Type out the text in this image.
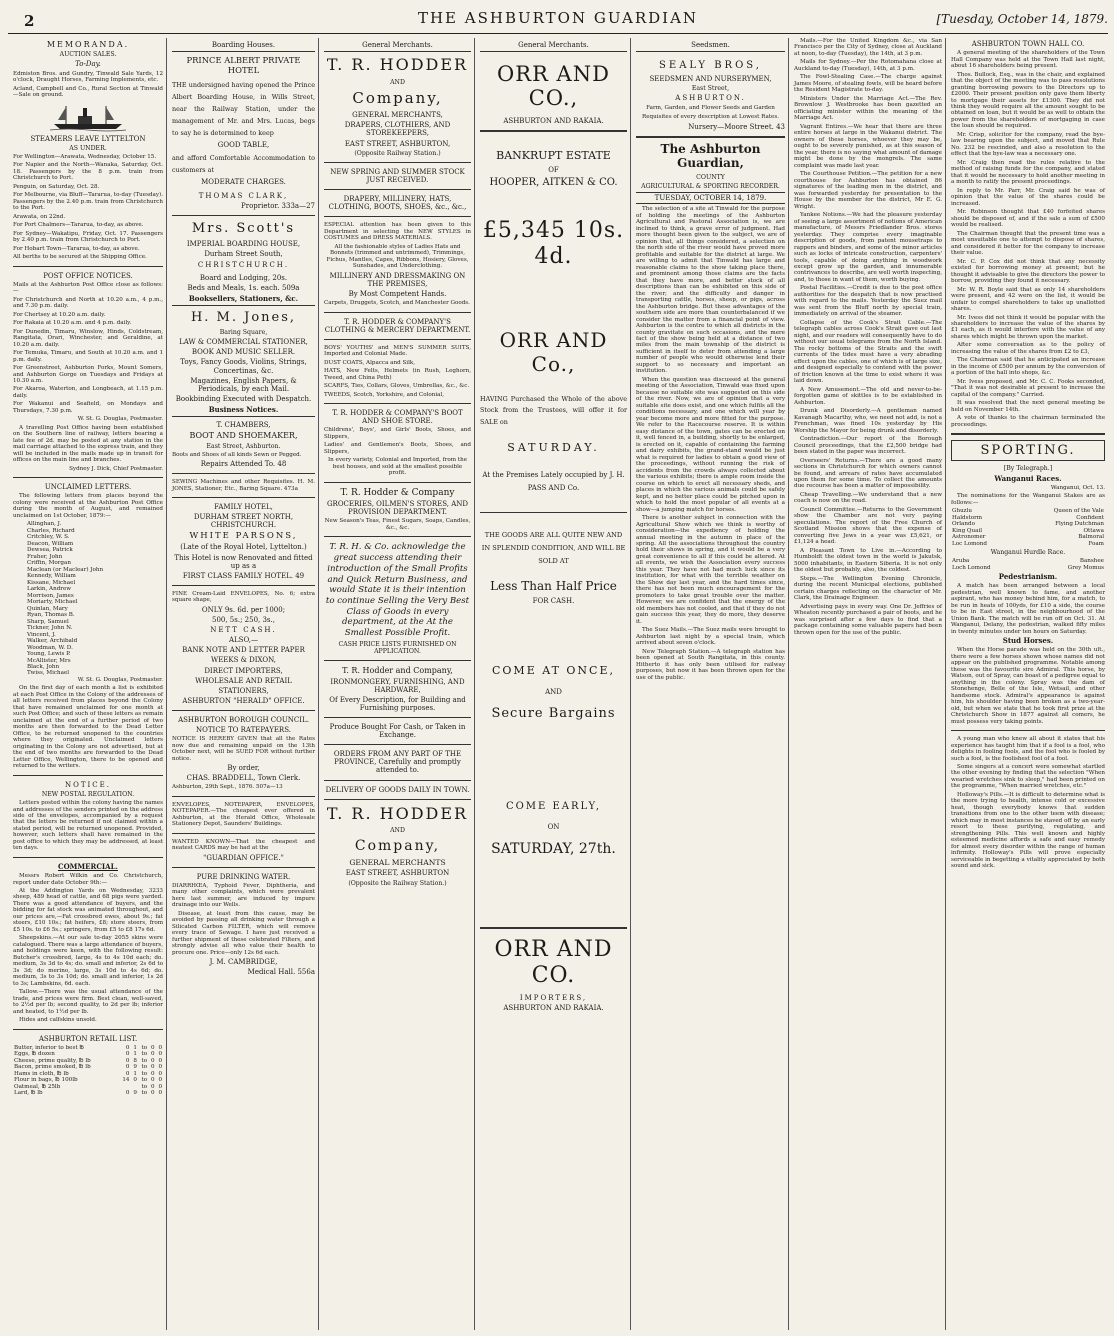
2	THE ASHBURTON GUARDIAN	[Tuesday, October 14, 1879.
MEMORANDA.
AUCTION SALES.
To-Day.
Edmiston Bros. and Gundry, Tinwald Sale Yards, 12 o'clock, Draught Horses, Farming Implements, etc.
Acland, Campbell and Co., Rural Section at Tinwald—Sale on ground.
STEAMERS LEAVE LYTTELTON
AS UNDER.
For Wellington—Arawata, Wednesday, October 15.
For Napier and the North—Wanaka, Saturday, Oct. 18. Passengers by the 8 p.m. train from Christchurch to Port.
Penguin, on Saturday, Oct. 28.
For Melbourne, via Bluff—Tararua, to-day (Tuesday). Passengers by the 2.40 p.m. train from Christchurch to the Port.
Arawata, on 22nd.
For Port Chalmers—Tararua, to-day, as above.
For Sydney—Wakatipu, Friday, Oct. 17. Passengers by 2.40 p.m. train from Christchurch to Port.
For Hobart Town—Tararua, to-day, as above.
All berths to be secured at the Shipping Office.
POST OFFICE NOTICES.
Mails at the Ashburton Post Office close as follows:—
For Christchurch and North at 10.20 a.m., 4 p.m., and 7.30 p.m. daily.
For Chertsey at 10.20 a.m. daily.
For Rakaia at 10.20 a.m. and 4 p.m. daily.
For Dunedin, Timaru, Winslow, Hinds, Coldstream, Rangitata, Orari, Winchester, and Geraldine, at 10.20 a.m. daily.
For Temuka, Timaru, and South at 10.20 a.m. and 1 p.m. daily.
For Greenstreet, Ashburton Forks, Mount Somers, and Ashburton Gorge on Tuesdays and Fridays at 10.30 a.m.
For Akaroa, Waterton, and Longbeach, at 1.15 p.m. daily.
For Wakanui and Seafield, on Mondays and Thursdays, 7.30 p.m.
W. St. G. Douglas, Postmaster.
A travelling Post Office having been established on the Southern line of railway, letters bearing a late fee of 2d. may be posted at any station in the mail carriage attached to the express train, and they will be included in the mails made up in transit for offices on the main line and branches.
Sydney J. Dick, Chief Postmaster.
UNCLAIMED LETTERS.
The following letters from places beyond the colony were received at the Ashburton Post Office during the month of August, and remained unclaimed on 1st October, 1879:—
Allinghan, J.
Charles, Richard
Critchley, W. S.
Deacon, William
Dewsea, Patrick
Fraher, John
Criffin, Morgan
Maclean (or Maclear) John
Kennedy, William
Kissane, Michael
Larkin, Andrew
Morrison, James
Moriarty, Michael
Quinlan, Mary
Ryan, Thomas B.
Sharp, Samuel
Tickner, John N.
Vincent, J.
Walker, Archibald
Woodman, W. D.
Young, Lewis P.
McAllister, Mrs
Black, John
Twiss, Michael
W. St. G. Douglas, Postmaster.
On the first day of each month a list is exhibited at each Post Office in the Colony of the addresses of all letters received from places beyond the Colony that have remained unclaimed for one month at such Post Office; and such of these letters as remain unclaimed at the end of a further period of two months are then forwarded to the Dead Letter Office, to be returned unopened to the countries where they originated. Unclaimed letters originating in the Colony are not advertised, but at the end of two months are forwarded to the Dead Letter Office, Wellington, there to be opened and returned to the writers.
NOTICE.
NEW POSTAL REGULATION.
Letters posted within the colony having the names and addresses of the senders printed on the address side of the envelopes, accompanied by a request that the letters be returned if not claimed within a stated period, will be returned unopened. Provided, however, such letters shall have remained in the post office to which they may be addressed, at least ten days.
COMMERCIAL.
Messrs Robert Wilkin and Co. Christchurch, report under date October 9th:—
At the Addington Yards on Wednesday, 3233 sheep, 489 head of cattle, and 68 pigs were yarded. There was a good attendance of buyers, and the bidding for fat stock was animated throughout, and our prices are,—Fat crossbred ewes, about 9s.; fat steers, £10 10s.; fat heifers, £8; store steers, from £5 10s. to £6 5s.; springers, from £5 to £8 17s 6d.
Sheepskins.—At our sale to-day 2055 skins were catalogued. There was a large attendance of buyers, and holdings were keen, with the following result: Butcher's crossbred, large, 4s to 4s 10d each; do. medium, 3s 3d to 4s; do. small and inferior, 2s 6d to 3s 3d; do merino, large, 3s 10d to 4s 6d; do. medium, 3s to 3s 10d; do. small and inferior, 1s 2d to 3s; Lambskins, 6d. each.
Tallow.—There was the usual attendance of the trade, and prices were firm. Best clean, well-saved, to 2½d per lb; second quality, to 2d per lb; inferior and heated, to 1½d per lb.
Hides and calfskins unsold.
ASHBURTON RETAIL LIST.
Butter, inferior to best ℔	0	1	to	0	0
Eggs, ℔ dozen	0	1	to	0	0
Cheese, prime quality, ℔ lb	0	8	to	0	0
Bacon, prime smoked, ℔ lb	0	9	to	0	0
Hams in cloth, ℔ lb	0	1	to	0	0
Flour in bags, ℔ 100lb	14	0	to	0	0
Oatmeal, ℔ 25lb			to	0	0
Lard, ℔ lb	0	9	to	0	0
Boarding Houses.
PRINCE ALBERT PRIVATE HOTEL
THE undersigned having opened the Prince Albert Boarding House, in Wills Street, near the Railway Station, under the management of Mr. and Mrs. Lucas, begs to say he is determined to keep
GOOD TABLE,
and afford Comfortable Accommodation to customers at
MODERATE CHARGES.
THOMAS CLARK,
Proprietor. 333a—27
Mrs. Scott's
IMPERIAL BOARDING HOUSE,
Durham Street South,
CHRISTCHURCH.
Board and Lodging, 20s.
Beds and Meals, 1s. each. 509a
Booksellers, Stationers, &c.
H. M. Jones,
Baring Square,
LAW & COMMERCIAL STATIONER,
BOOK AND MUSIC SELLER.
Toys, Fancy Goods, Violins, Strings, Concertinas, &c.
Magazines, English Papers, & Periodicals, by each Mail.
Bookbinding Executed with Despatch.
Business Notices.
T. CHAMBERS,
BOOT AND SHOEMAKER,
East Street, Ashburton.
Boots and Shoes of all kinds Sewn or Pegged.
Repairs Attended To. 48
SEWING Machines and other Requisites. H. M. JONES, Stationer, Etc., Baring Square. 473a
FAMILY HOTEL,
DURHAM STREET NORTH, CHRISTCHURCH.
WHITE PARSONS,
(Late of the Royal Hotel, Lyttelton.)
This Hotel is now Renovated and fitted up as a
FIRST CLASS FAMILY HOTEL. 49
FINE Cream-Laid ENVELOPES, No. 6; extra square shape,
ONLY 9s. 6d. per 1000;
500, 5s.; 250, 3s.,
NETT CASH.
ALSO,—
BANK NOTE AND LETTER PAPER
WEEKS & DIXON,
DIRECT IMPORTERS,
WHOLESALE AND RETAIL
STATIONERS,
ASHBURTON "HERALD" OFFICE.
ASHBURTON BOROUGH COUNCIL.
NOTICE TO RATEPAYERS.
NOTICE IS HEREBY GIVEN that all the Rates now due and remaining unpaid on the 13th October next, will be SUED FOR without further notice.
By order,
CHAS. BRADDELL, Town Clerk.
Ashburton, 29th Sept., 1876. 507a—13
ENVELOPES, NOTEPAPER, ENVELOPES, NOTEPAPER.—The cheapest ever offered in Ashburton, at the Herald Office, Wholesale Stationery Depot, Saunders' Buildings.
WANTED KNOWN—That the cheapest and neatest CARDS may be had at the
"GUARDIAN OFFICE."
PURE DRINKING WATER.
DIARRHŒA, Typhoid Fever, Diphtheria, and many other complaints, which were prevalent here last summer, are induced by impure drainage into our Wells.
Disease, at least from this cause, may be avoided by passing all drinking water through a Silicated Carbon FILTER, which will remove every trace of Sewage. I have just received a further shipment of these celebrated Filters, and strongly advise all who value their health to procure one. Price—only 12s 6d each.
J. M. CAMBRIDGE,
Medical Hall. 556a
General Merchants.
T. R. HODDER
AND
Company,
GENERAL MERCHANTS,
DRAPERS, CLOTHIERS, AND STOREKEEPERS,
EAST STREET, ASHBURTON,
(Opposite Railway Station.)
NEW SPRING AND SUMMER STOCK JUST RECEIVED.
DRAPERY, MILLINERY, HATS, CLOTHING, BOOTS, SHOES, &c., &c.,
ESPECIAL attention has been given to this Department in selecting the NEW STYLES in COSTUMES and DRESS MATERIALS.
All the fashionable styles of Ladies Hats and Bonnets (trimmed and untrimmed), Trimmings, Fichus, Mantles, Capes, Ribbons, Hosiery, Gloves, Sunshades, and Underclothing.
MILLINERY AND DRESSMAKING ON THE PREMISES,
By Most Competent Hands.
Carpets, Druggets, Scotch, and Manchester Goods.
T. R. HODDER & COMPANY'S CLOTHING & MERCERY DEPARTMENT.
BOYS' YOUTHS' and MEN'S SUMMER SUITS, Imported and Colonial Made.
DUST COATS, Alpacca and Silk,
HATS, New Felts, Helmets (in Rush, Leghorn, Tweed, and China Peth)
SCARFS, Ties, Collars, Gloves, Umbrellas, &c., &c.
TWEEDS, Scotch, Yorkshire, and Colonial,
T. R. HODDER & COMPANY'S BOOT AND SHOE STORE.
Childrens', Boys', and Girls' Boots, Shoes, and Slippers,
Ladies' and Gentlemen's Boots, Shoes, and Slippers,
In every variety, Colonial and Imported, from the best houses, and sold at the smallest possible profit.
T. R. Hodder & Company
GROCERIES, OILMEN'S STORES, AND PROVISION DEPARTMENT.
New Season's Teas, Finest Sugars, Soaps, Candles, &c., &c.
T. R. H. & Co. acknowledge the great success attending their introduction of the Small Profits and Quick Return Business, and would State it is their intention to continue Selling the Very Best Class of Goods in every department, at the At the Smallest Possible Profit.
CASH PRICE LISTS FURNISHED ON APPLICATION.
T. R. Hodder and Company,
IRONMONGERY, FURNISHING, AND HARDWARE,
Of Every Description, for Building and Furnishing purposes.
Produce Bought For Cash, or Taken in Exchange.
ORDERS FROM ANY PART OF THE PROVINCE, Carefully and promptly attended to.
DELIVERY OF GOODS DAILY IN TOWN.
T. R. HODDER
AND
Company,
GENERAL MERCHANTS
EAST STREET, ASHBURTON
(Opposite the Railway Station.)
General Merchants.
ORR AND CO.,
ASHBURTON AND RAKAIA.
BANKRUPT ESTATE
OF
HOOPER, AITKEN & CO.
£5,345 10s. 4d.
ORR AND Co.,
HAVING Purchased the Whole of the above Stock from the Trustees, will offer it for SALE on
SATURDAY.
At the Premises Lately occupied by J. H. PASS AND Co.
THE GOODS ARE ALL QUITE NEW AND IN SPLENDID CONDITION, AND WILL BE SOLD AT
Less Than Half Price
FOR CASH.
COME AT ONCE,
AND
Secure Bargains
COME EARLY,
ON
SATURDAY, 27th.
ORR AND CO.
IMPORTERS,
ASHBURTON AND RAKAIA.
Seedsmen.
SEALY BROS,
SEEDSMEN AND NURSERYMEN,
East Street,
ASHBURTON.
Farm, Garden, and Flower Seeds and Garden Requisites of every description at Lowest Rates.
Nursery—Moore Street. 43
The Ashburton Guardian,
COUNTY
AGRICULTURAL & SPORTING RECORDER.
TUESDAY, OCTOBER 14, 1879.
The selection of a site at Tinwald for the purpose of holding the meetings of the Ashburton Agricultural and Pastoral Association is, we are inclined to think, a grave error of judgment. Had more thought been given to the subject, we are of opinion that, all things considered, a selection on the north side of the river would have proved more profitable and suitable for the district at large. We are willing to admit that Tinwald has large and reasonable claims to the show taking place there, and prominent among those claims are the facts that they have more, and better stock of all descriptions than can be exhibited on this side of the river; and the difficulty and danger in transporting cattle, horses, sheep, or pigs, across the Ashburton bridge. But these advantages of the southern side are more than counterbalanced if we consider the matter from a financial point of view. Ashburton is the centre to which all districts in the county gravitate on such occasions, and the mere fact of the show being held at a distance of two miles from the main township of the district is sufficient in itself to deter from attending a large number of people who would otherwise lend their support to so necessary and important an institution.
When the question was discussed at the general meeting of the Association, Tinwald was fixed upon because no suitable site was suggested on this side of the river. Now, we are of opinion that a very suitable site does exist, and one which fulfils all the conditions necessary, and one which will year by year become more and more fitted for the purpose. We refer to the Racecourse reserve. It is within easy distance of the town, gates can be erected on it, well fenced in, a building, shortly to be enlarged, is erected on it, capable of containing the farming and dairy exhibits, the grand-stand would be just what is required for ladies to obtain a good view of the proceedings, without running the risk of accidents from the crowds always collected about the various exhibits; there is ample room inside the course on which to erect all necessary sheds, and places in which the various animals could be safely kept, and no better place could be pitched upon in which to hold the most popular of all events at a show—a jumping match for horses.
There is another subject in connection with the Agricultural Show which we think is worthy of consideration—the expediency of holding the annual meeting in the autumn in place of the spring. All the associations throughout the country hold their shows in spring, and it would be a very great convenience to all if this could be altered. At all events, we wish the Association every success this year. They have not had much luck since its institution, for what with the terrible weather on the Show day last year, and the hard times since, there has not been much encouragement for the promoters to take great trouble over the matter. However, we are confident that the energy of the old members has not cooled, and that if they do not gain success this year, they do more, they deserve it.
The Suez Mails.—The Suez mails were brought to Ashburton last night by a special train, which arrived about seven o'clock.
New Telegraph Station.—A telegraph station has been opened at South Rangitata, in this county. Hitherto it has only been utilised for railway purposes, but now it has been thrown open for the use of the public.
Mails.—For the United Kingdom &c., via San Francisco per the City of Sydney, close at Auckland at noon, to-day (Tuesday), the 14th, at 3 p.m.
Mails for Sydney.—Per the Rotomahana close at Auckland to-day (Tuesday), 14th, at 3 p.m.
The Fowl-Stealing Case.—The charge against James Moore, of stealing fowls, will be heard before the Resident Magistrate to-day.
Ministers Under the Marriage Act.—The Rev. Brownlow J. Westbrooke has been gazetted an officiating minister within the meaning of the Marriage Act.
Vagrant Entires.—We hear that there are three entire horses at large in the Wakanui district. The owners of these horses, whoever they may be, ought to be severely punished, as at this season of the year, there is no saying what amount of damage might be done by the mongrels. The same complaint was made last year.
The Courthouse Petition.—The petition for a new courthouse for Ashburton has obtained 86 signatures of the leading men in the district, and was forwarded yesterday for presentation to the House by the member for the district, Mr E. G. Wright.
Yankee Notions.—We had the pleasure yesterday of seeing a large assortment of notions of American manufacture, of Messrs Friedlander Bros. stores yesterday. They comprise every imaginable description of goods, from patent mousetraps to rappers and binders, and some of the minor articles such as locks of intricate construction, carpenters' tools, capable of doing anything in woodwork except grow up the garden, and innumerable contrivances to describe, are well worth inspecting, and, to those in want of them, worth buying.
Postal Facilities.—Credit is due to the post office authorities for the despatch that is now practised with regard to the mails. Yesterday the Suez mail was sent from the Bluff north by special train, immediately on arrival of the steamer.
Collapse of the Cook's Strait Cable.—The telegraph cables across Cook's Strait gave out last night, and our readers will consequently have to do without our usual telegrams from the North Island. The rocky bottoms of the Straits and the swift currents of the tides must have a very abrading effect upon the cables, one of which is of large size, and designed especially to contend with the power of friction known at the time to exist where it was laid down.
A New Amusement.—The old and never-to-be-forgotten game of skittles is to be established in Ashburton.
Drunk and Disorderly.—A gentleman named Kavanagh Macarthy, who, we need not add, is not a Frenchman, was fined 10s yesterday by His Worship the Mayor for being drunk and disorderly.
Contradiction.—Our report of the Borough Council proceedings, that the £2,500 bridge had been stated in the paper was incorrect.
Overseers' Returns.—There are a good many sections in Christchurch for which owners cannot be found, and arrears of rates have accumulated upon them for some time. To collect the amounts due recourse has been a matter of impossibility.
Cheap Travelling.—We understand that a new coach is now on the road.
Council Committee.—Returns to the Government show the Chamber are not very paying speculations. The report of the Free Church of Scotland Mission shows that the expense of converting five Jews in a year was £5,621, or £1,124 a head.
A Pleasant Town to Live in.—According to Humboldt the oldest town in the world is Jakutsk, 5000 inhabitants, in Eastern Siberia. It is not only the oldest but probably, also, the coldest.
Steps.—The Wellington Evening Chronicle, during the recent Municipal elections, published certain charges reflecting on the character of Mr. Clark, the Drainage Engineer.
Advertising pays in every way. One Dr. Jeffries of Wheaton recently purchased a pair of boots, and he was surprised after a few days to find that a package containing some valuable papers had been thrown open for the use of the public.
ASHBURTON TOWN HALL CO.
A general meeting of the shareholders of the Town Hall Company was held at the Town Hall last night, about 16 shareholders being present.
Thos. Bullock, Esq., was in the chair, and explained that the object of the meeting was to pass resolutions granting borrowing powers to the Directors up to £2000. Their present position only gave them liberty to mortgage their assets for £1300. They did not think they would require all the amount sought to be obtained on loan, but it would be as well to obtain the power from the shareholders of mortgaging in case the loan should be required.
Mr. Crisp, solicitor for the company, read the bye-law bearing upon the subject, and moved that Rule No. 232 be rescinded, and also a resolution to the effect that the bye-law was a necessary one.
Mr. Craig then read the rules relative to the method of raising funds for the company, and stated that it would be necessary to hold another meeting in a month to ratify the present proceedings.
In reply to Mr. Parr, Mr. Craig said he was of opinion that the value of the shares could be increased.
Mr. Robinson thought that £40 forfeited shares should be disposed of, and if the sale a sum of £500 would be realised.
The Chairman thought that the present time was a most unsuitable one to attempt to dispose of shares, and considered it better for the company to increase their value.
Mr. C. P. Cox did not think that any necessity existed for borrowing money at present; but he thought it advisable to give the directors the power to borrow, providing they found it necessary.
Mr. W. R. Boyle said that as only 14 shareholders were present, and 42 were on the list, it would be unfair to compel shareholders to take up unallotted shares.
Mr. Ivess did not think it would be popular with the shareholders to increase the value of the shares by £1 each, as it would interfere with the value of any shares which might be thrown upon the market.
After some conversation as to the policy of increasing the value of the shares from £2 to £3,
The Chairman said that he anticipated an increase in the income of £500 per annum by the conversion of a portion of the hall into shops, &c.
Mr. Ivess proposed, and Mr. C. C. Fooks seconded, "That it was not desirable at present to increase the capital of the company." Carried.
It was resolved that the next general meeting be held on November 14th.
A vote of thanks to the chairman terminated the proceedings.
SPORTING.
[By Telegraph.]
Wanganui Races.
Wanganui, Oct. 13.
The nominations for the Wanganui Stakes are as follows:—
Ghuzlu	Queen of the Vale
Haldstorm	Confident
Orlando	Flying Dutchman
King Quail	Ottawa
Astronomer	Balmoral
Loc Lomond	Foam
Wanganui Hurdle Race.
Aruba	Banshee
Loch Lomond	Grey Momus
Pedestrianism.
A match has been arranged between a local pedestrian, well known to fame, and another aspirant, who has money behind him, for a match, to be run in heats of 100yds, for £10 a side, the course to be in East street, in the neighbourhood of the Union Bank. The match will be run off on Oct. 31. At Wanganui, Delany, the pedestrian, walked fifty miles in twenty minutes under ten hours on Saturday.
Stud Horses.
When the Horse parade was held on the 30th ult., there were a few horses shown whose names did not appear on the published programme. Notable among these was the favourite sire Admiral. This horse, by Watson, out of Spray, can boast of a pedigree equal to anything in the colony. Spray was the dam of Stonehenge, Belle of the Isle, Wetsail, and other handsome stock. Admiral's appearance is against him, his shoulder having been broken as a two-year-old, but when we state that he took first prize at the Christchurch Show in 1877 against all comers, he must possess very taking points.
A young man who knew all about it states that his experience has taught him that if a fool is a fool, who delights in fooling fools, and the fool who is fooled by such a fool, is the foolishest fool of a fool.
Some singers at a concert were somewhat startled the other evening by finding that the selection "When wearied wretches sink to sleep," had been printed on the programme, "When married wretches, etc."
Holloway's Pills.—It is difficult to determine what is the more trying to health, intense cold or excessive heat, though everybody knows that sudden transitions from one to the other teem with disease; which may in most instances be staved off by an early resort to these purifying, regulating, and strengthening Pills. This well known and highly esteemed medicine affords a safe and easy remedy for almost every disorder within the range of human infirmity. Holloway's Pills will prove especially serviceable in begetting a vitality appreciated by both sound and sick.
